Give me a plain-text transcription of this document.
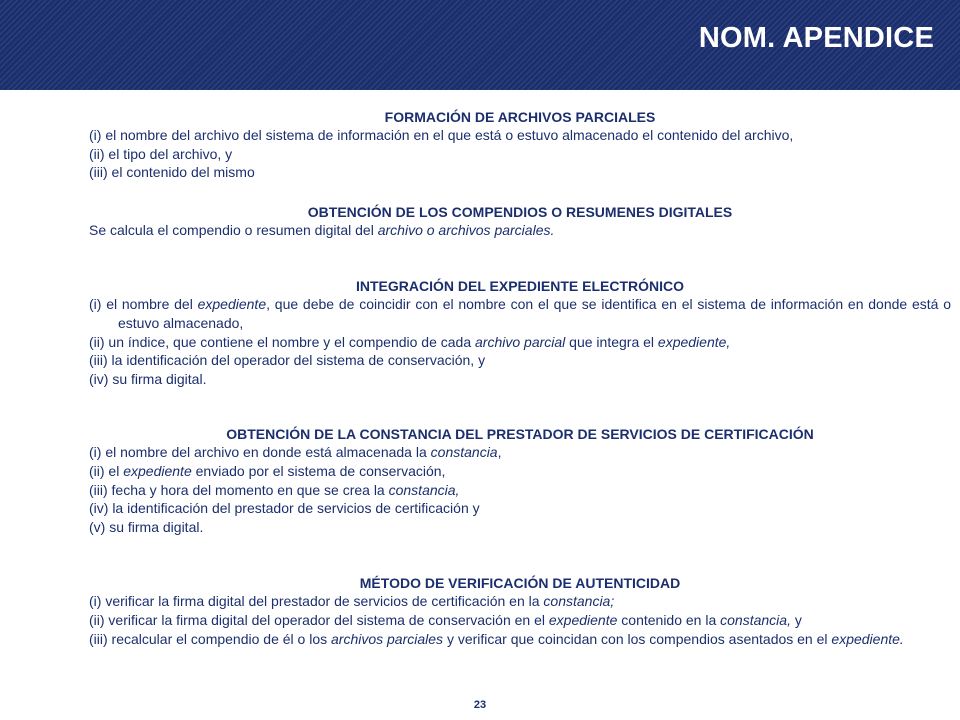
NOM. APENDICE

FORMACIÓN DE ARCHIVOS PARCIALES

(i) el nombre del archivo del sistema de información en el que está o estuvo almacenado el contenido del archivo,

(ii) el tipo del archivo, y

(iii) el contenido del mismo

OBTENCIÓN DE LOS COMPENDIOS O RESUMENES DIGITALES

Se calcula el compendio o resumen digital del archivo o archivos parciales.

INTEGRACIÓN DEL EXPEDIENTE ELECTRÓNICO

(i) el nombre del expediente, que debe de coincidir con el nombre con el que se identifica en el sistema de información en donde está o estuvo almacenado,

(ii) un índice, que contiene el nombre y el compendio de cada archivo parcial que integra el expediente,

(iii) la identificación del operador del sistema de conservación, y

(iv) su firma digital.

OBTENCIÓN DE LA CONSTANCIA DEL PRESTADOR DE SERVICIOS DE CERTIFICACIÓN

(i) el nombre del archivo en donde está almacenada la constancia,

(ii) el expediente enviado por el sistema de conservación,

(iii) fecha y hora del momento en que se crea la constancia,

(iv) la identificación del prestador de servicios de certificación y

(v) su firma digital.

MÉTODO DE VERIFICACIÓN DE AUTENTICIDAD

(i) verificar la firma digital del prestador de servicios de certificación en la constancia;

(ii) verificar la firma digital del operador del sistema de conservación en el expediente contenido en la constancia, y

(iii) recalcular el compendio de él o los archivos parciales y verificar que coincidan con los compendios asentados en el expediente.

23
